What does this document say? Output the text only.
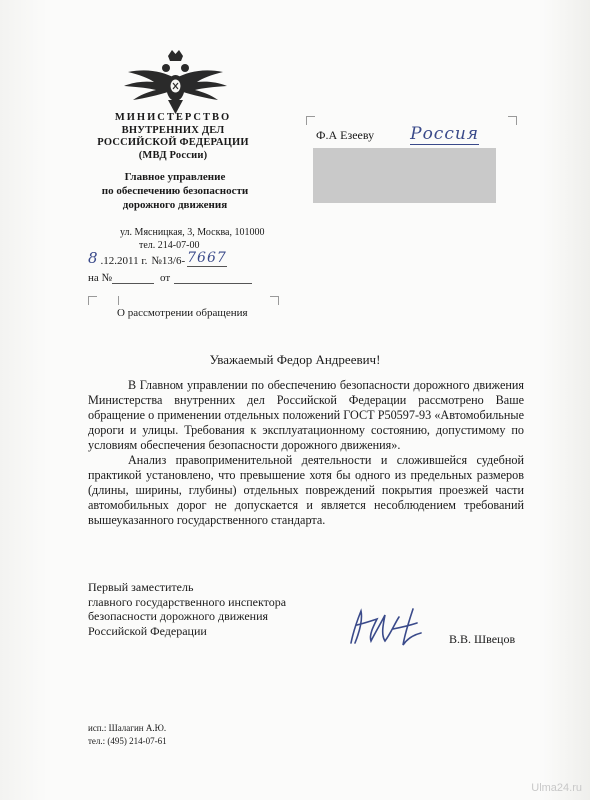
МИНИСТЕРСТВО
ВНУТРЕННИХ ДЕЛ
РОССИЙСКОЙ ФЕДЕРАЦИИ
(МВД России)
Главное управление
по обеспечению безопасности
дорожного движения
ул. Мясницкая, 3, Москва, 101000
тел. 214-07-00
8 .12.2011 г. №13/6- 7667
на №	от
О рассмотрении обращения
Ф.А Езееву Россия
Уважаемый Федор Андреевич!

В Главном управлении по обеспечению безопасности дорожного движения Министерства внутренних дел Российской Федерации рассмотрено Ваше обращение о применении отдельных положений ГОСТ Р50597-93 «Автомобильные дороги и улицы. Требования к эксплуатационному состоянию, допустимому по условиям обеспечения безопасности дорожного движения».

Анализ правоприменительной деятельности и сложившейся судебной практикой установлено, что превышение хотя бы одного из предельных размеров (длины, ширины, глубины) отдельных повреждений покрытия проезжей части автомобильных дорог не допускается и является несоблюдением требований вышеуказанного государственного стандарта.

Первый заместитель
главного государственного инспектора
безопасности дорожного движения
Российской Федерации
В.В. Швецов
исп.: Шалагин А.Ю.
тел.: (495) 214-07-61
Ulma24.ru
